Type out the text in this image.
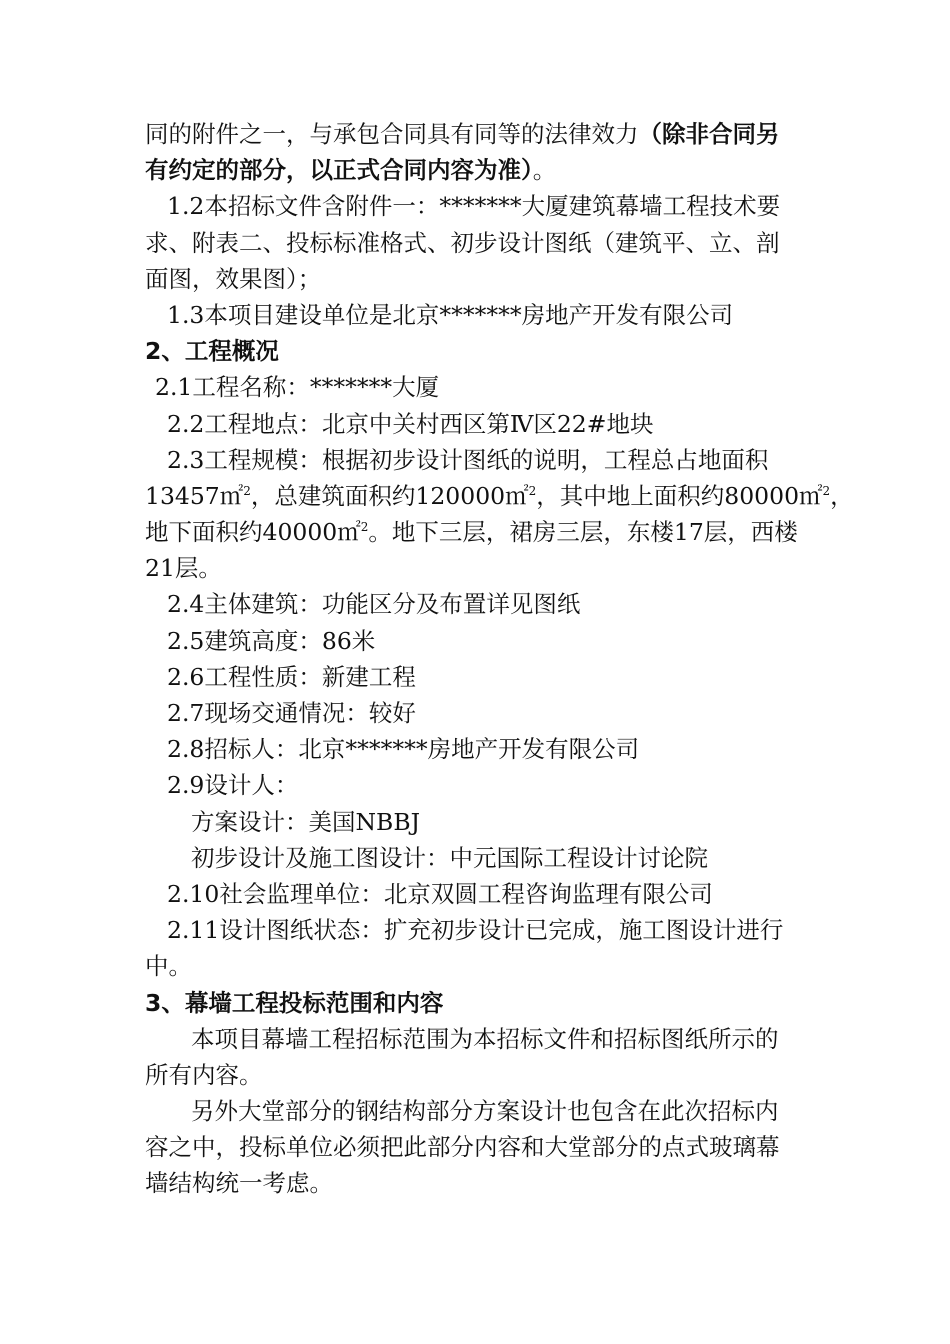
同的附件之一，与承包合同具有同等的法律效力（除非合同另
有约定的部分，以正式合同内容为准）。
1.2本招标文件含附件一：*******大厦建筑幕墙工程技术要
求、附表二、投标标准格式、初步设计图纸（建筑平、立、剖
面图，效果图）；
1.3本项目建设单位是北京*******房地产开发有限公司
2、工程概况
2.1工程名称：*******大厦
2.2工程地点：北京中关村西区第Ⅳ区22#地块
2.3工程规模：根据初步设计图纸的说明，工程总占地面积
13457㎡$^2$，总建筑面积约120000㎡$^2$，其中地上面积约80000㎡$^2$，
地下面积约40000㎡$^2$。地下三层，裙房三层，东楼17层，西楼
21层。
2.4主体建筑：功能区分及布置详见图纸
2.5建筑高度：86米
2.6工程性质：新建工程
2.7现场交通情况：较好
2.8招标人：北京*******房地产开发有限公司
2.9设计人：
方案设计：美国NBBJ
初步设计及施工图设计：中元国际工程设计讨论院
2.10社会监理单位：北京双圆工程咨询监理有限公司
2.11设计图纸状态：扩充初步设计已完成，施工图设计进行
中。
3、幕墙工程投标范围和内容
本项目幕墙工程招标范围为本招标文件和招标图纸所示的
所有内容。
另外大堂部分的钢结构部分方案设计也包含在此次招标内
容之中，投标单位必须把此部分内容和大堂部分的点式玻璃幕
墙结构统一考虑。
